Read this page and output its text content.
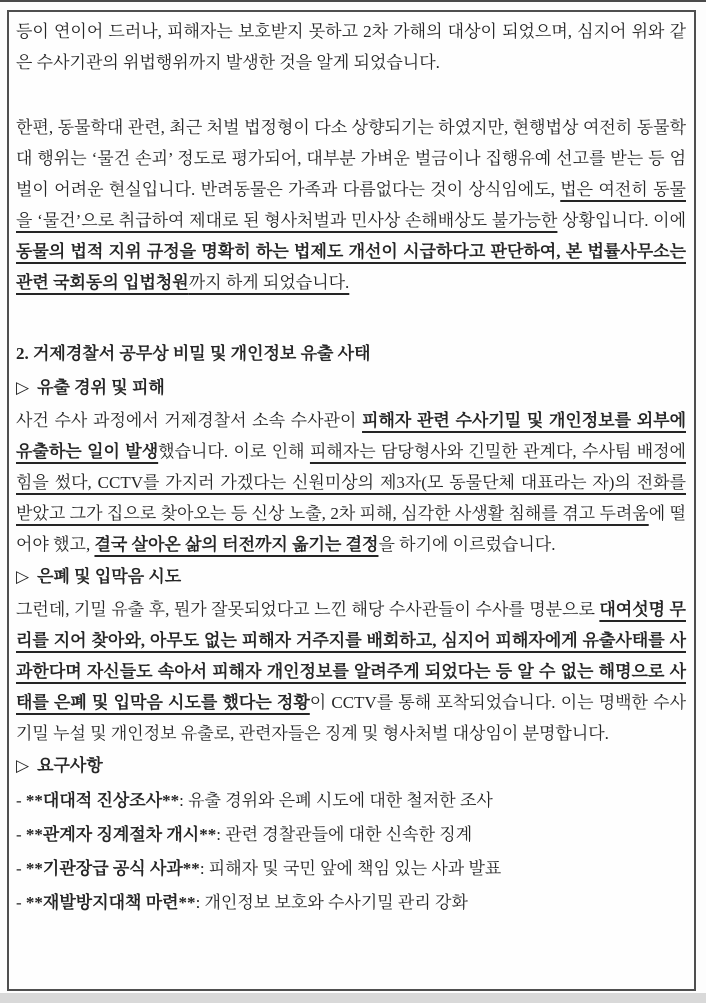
등이 연이어 드러나, 피해자는 보호받지 못하고 2차 가해의 대상이 되었으며, 심지어 위와 같은 수사기관의 위법행위까지 발생한 것을 알게 되었습니다.
한편, 동물학대 관련, 최근 처벌 법정형이 다소 상향되기는 하였지만, 현행법상 여전히 동물학대 행위는 ‘물건 손괴’ 정도로 평가되어, 대부분 가벼운 벌금이나 집행유예 선고를 받는 등 엄벌이 어려운 현실입니다. 반려동물은 가족과 다름없다는 것이 상식임에도, 법은 여전히 동물을 ‘물건’으로 취급하여 제대로 된 형사처벌과 민사상 손해배상도 불가능한 상황입니다. 이에 동물의 법적 지위 규정을 명확히 하는 법제도 개선이 시급하다고 판단하여, 본 법률사무소는 관련 국회동의 입법청원까지 하게 되었습니다.
2. 거제경찰서 공무상 비밀 및 개인정보 유출 사태
▷ 유출 경위 및 피해
사건 수사 과정에서 거제경찰서 소속 수사관이 피해자 관련 수사기밀 및 개인정보를 외부에 유출하는 일이 발생했습니다. 이로 인해 피해자는 담당형사와 긴밀한 관계다, 수사팀 배정에 힘을 썼다, CCTV를 가지러 가겠다는 신원미상의 제3자(모 동물단체 대표라는 자)의 전화를 받았고 그가 집으로 찾아오는 등 신상 노출, 2차 피해, 심각한 사생활 침해를 겪고 두려움에 떨어야 했고, 결국 살아온 삶의 터전까지 옮기는 결정을 하기에 이르렀습니다.
▷ 은폐 및 입막음 시도
그런데, 기밀 유출 후, 뭔가 잘못되었다고 느낀 해당 수사관들이 수사를 명분으로 대여섯명 무리를 지어 찾아와, 아무도 없는 피해자 거주지를 배회하고, 심지어 피해자에게 유출사태를 사과한다며 자신들도 속아서 피해자 개인정보를 알려주게 되었다는 등 알 수 없는 해명으로 사태를 은폐 및 입막음 시도를 했다는 정황이 CCTV를 통해 포착되었습니다. 이는 명백한 수사기밀 누설 및 개인정보 유출로, 관련자들은 징계 및 형사처벌 대상임이 분명합니다.
▷ 요구사항
- **대대적 진상조사**: 유출 경위와 은폐 시도에 대한 철저한 조사
- **관계자 징계절차 개시**: 관련 경찰관들에 대한 신속한 징계
- **기관장급 공식 사과**: 피해자 및 국민 앞에 책임 있는 사과 발표
- **재발방지대책 마련**: 개인정보 보호와 수사기밀 관리 강화
